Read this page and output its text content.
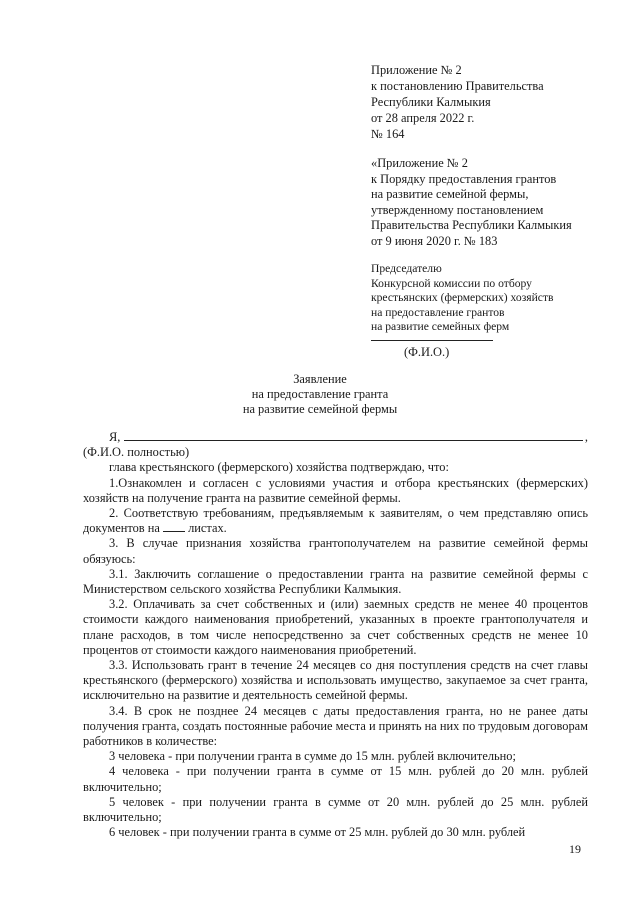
Приложение № 2
к постановлению Правительства
Республики Калмыкия
от 28 апреля 2022 г.
№ 164
«Приложение № 2
к Порядку предоставления грантов
на развитие семейной фермы,
утвержденному постановлением
Правительства Республики Калмыкия
от 9 июня 2020 г. № 183
Председателю
Конкурсной комиссии по отбору
крестьянских (фермерских) хозяйств
на предоставление грантов
на развитие семейных ферм
(Ф.И.О.)
Заявление
на предоставление гранта
на развитие семейной фермы
Я,	,

(Ф.И.О. полностью)

глава крестьянского (фермерского) хозяйства подтверждаю, что:

1.Ознакомлен и согласен с условиями участия и отбора крестьянских (фермерских) хозяйств на получение гранта на развитие семейной фермы.

2. Соответствую требованиям, предъявляемым к заявителям, о чем представляю опись документов на листах.

3. В случае признания хозяйства грантополучателем на развитие семейной фермы обязуюсь:

3.1. Заключить соглашение о предоставлении гранта на развитие семейной фермы с Министерством сельского хозяйства Республики Калмыкия.

3.2. Оплачивать за счет собственных и (или) заемных средств не менее 40 процентов стоимости каждого наименования приобретений, указанных в проекте грантополучателя и плане расходов, в том числе непосредственно за счет собственных средств не менее 10 процентов от стоимости каждого наименования приобретений.

3.3. Использовать грант в течение 24 месяцев со дня поступления средств на счет главы крестьянского (фермерского) хозяйства и использовать имущество, закупаемое за счет гранта, исключительно на развитие и деятельность семейной фермы.

3.4. В срок не позднее 24 месяцев с даты предоставления гранта, но не ранее даты получения гранта, создать постоянные рабочие места и принять на них по трудовым договорам работников в количестве:

3 человека - при получении гранта в сумме до 15 млн. рублей включительно;

4 человека - при получении гранта в сумме от 15 млн. рублей до 20 млн. рублей включительно;

5 человек - при получении гранта в сумме от 20 млн. рублей до 25 млн. рублей включительно;

6 человек - при получении гранта в сумме от 25 млн. рублей до 30 млн. рублей

19
